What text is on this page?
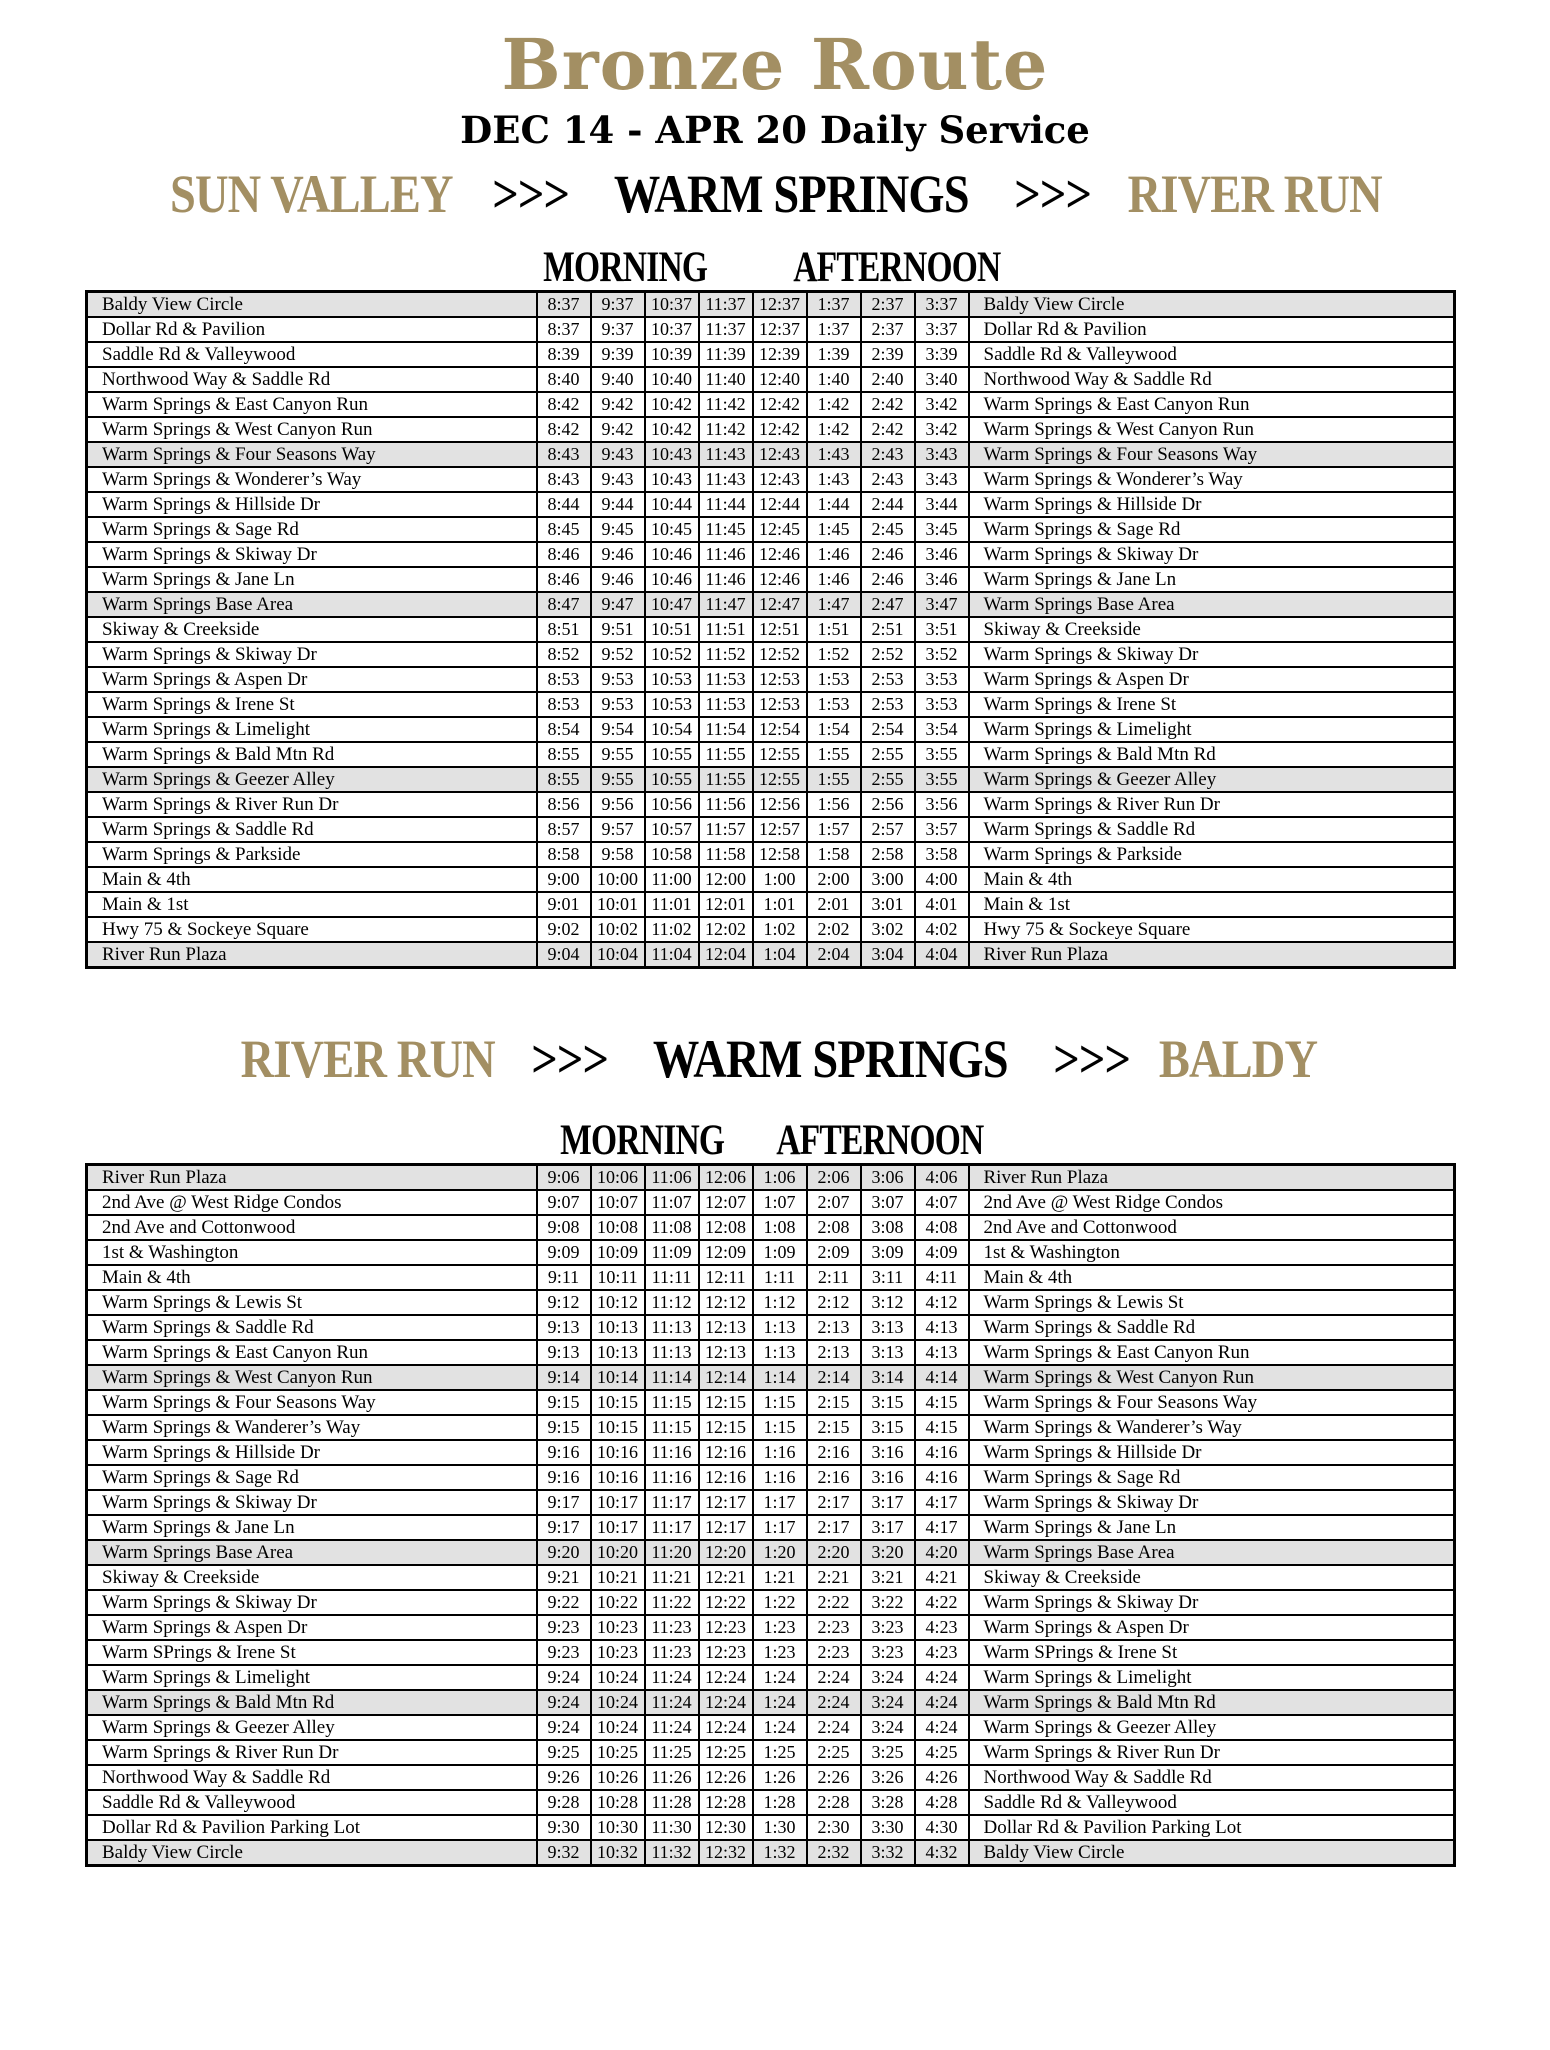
Bronze Route
DEC 14 - APR 20 Daily Service
SUN VALLEY >>> WARM SPRINGS >>> RIVER RUN
MORNING AFTERNOON
Baldy View Circle	8:37	9:37	10:37	11:37	12:37	1:37	2:37	3:37	Baldy View Circle
Dollar Rd & Pavilion	8:37	9:37	10:37	11:37	12:37	1:37	2:37	3:37	Dollar Rd & Pavilion
Saddle Rd & Valleywood	8:39	9:39	10:39	11:39	12:39	1:39	2:39	3:39	Saddle Rd & Valleywood
Northwood Way & Saddle Rd	8:40	9:40	10:40	11:40	12:40	1:40	2:40	3:40	Northwood Way & Saddle Rd
Warm Springs & East Canyon Run	8:42	9:42	10:42	11:42	12:42	1:42	2:42	3:42	Warm Springs & East Canyon Run
Warm Springs & West Canyon Run	8:42	9:42	10:42	11:42	12:42	1:42	2:42	3:42	Warm Springs & West Canyon Run
Warm Springs & Four Seasons Way	8:43	9:43	10:43	11:43	12:43	1:43	2:43	3:43	Warm Springs & Four Seasons Way
Warm Springs & Wonderer’s Way	8:43	9:43	10:43	11:43	12:43	1:43	2:43	3:43	Warm Springs & Wonderer’s Way
Warm Springs & Hillside Dr	8:44	9:44	10:44	11:44	12:44	1:44	2:44	3:44	Warm Springs & Hillside Dr
Warm Springs & Sage Rd	8:45	9:45	10:45	11:45	12:45	1:45	2:45	3:45	Warm Springs & Sage Rd
Warm Springs & Skiway Dr	8:46	9:46	10:46	11:46	12:46	1:46	2:46	3:46	Warm Springs & Skiway Dr
Warm Springs & Jane Ln	8:46	9:46	10:46	11:46	12:46	1:46	2:46	3:46	Warm Springs & Jane Ln
Warm Springs Base Area	8:47	9:47	10:47	11:47	12:47	1:47	2:47	3:47	Warm Springs Base Area
Skiway & Creekside	8:51	9:51	10:51	11:51	12:51	1:51	2:51	3:51	Skiway & Creekside
Warm Springs & Skiway Dr	8:52	9:52	10:52	11:52	12:52	1:52	2:52	3:52	Warm Springs & Skiway Dr
Warm Springs & Aspen Dr	8:53	9:53	10:53	11:53	12:53	1:53	2:53	3:53	Warm Springs & Aspen Dr
Warm Springs & Irene St	8:53	9:53	10:53	11:53	12:53	1:53	2:53	3:53	Warm Springs & Irene St
Warm Springs & Limelight	8:54	9:54	10:54	11:54	12:54	1:54	2:54	3:54	Warm Springs & Limelight
Warm Springs & Bald Mtn Rd	8:55	9:55	10:55	11:55	12:55	1:55	2:55	3:55	Warm Springs & Bald Mtn Rd
Warm Springs & Geezer Alley	8:55	9:55	10:55	11:55	12:55	1:55	2:55	3:55	Warm Springs & Geezer Alley
Warm Springs & River Run Dr	8:56	9:56	10:56	11:56	12:56	1:56	2:56	3:56	Warm Springs & River Run Dr
Warm Springs & Saddle Rd	8:57	9:57	10:57	11:57	12:57	1:57	2:57	3:57	Warm Springs & Saddle Rd
Warm Springs & Parkside	8:58	9:58	10:58	11:58	12:58	1:58	2:58	3:58	Warm Springs & Parkside
Main & 4th	9:00	10:00	11:00	12:00	1:00	2:00	3:00	4:00	Main & 4th
Main & 1st	9:01	10:01	11:01	12:01	1:01	2:01	3:01	4:01	Main & 1st
Hwy 75 & Sockeye Square	9:02	10:02	11:02	12:02	1:02	2:02	3:02	4:02	Hwy 75 & Sockeye Square
River Run Plaza	9:04	10:04	11:04	12:04	1:04	2:04	3:04	4:04	River Run Plaza
RIVER RUN >>> WARM SPRINGS >>> BALDY
MORNING AFTERNOON
River Run Plaza	9:06	10:06	11:06	12:06	1:06	2:06	3:06	4:06	River Run Plaza
2nd Ave @ West Ridge Condos	9:07	10:07	11:07	12:07	1:07	2:07	3:07	4:07	2nd Ave @ West Ridge Condos
2nd Ave and Cottonwood	9:08	10:08	11:08	12:08	1:08	2:08	3:08	4:08	2nd Ave and Cottonwood
1st & Washington	9:09	10:09	11:09	12:09	1:09	2:09	3:09	4:09	1st & Washington
Main & 4th	9:11	10:11	11:11	12:11	1:11	2:11	3:11	4:11	Main & 4th
Warm Springs & Lewis St	9:12	10:12	11:12	12:12	1:12	2:12	3:12	4:12	Warm Springs & Lewis St
Warm Springs & Saddle Rd	9:13	10:13	11:13	12:13	1:13	2:13	3:13	4:13	Warm Springs & Saddle Rd
Warm Springs & East Canyon Run	9:13	10:13	11:13	12:13	1:13	2:13	3:13	4:13	Warm Springs & East Canyon Run
Warm Springs & West Canyon Run	9:14	10:14	11:14	12:14	1:14	2:14	3:14	4:14	Warm Springs & West Canyon Run
Warm Springs & Four Seasons Way	9:15	10:15	11:15	12:15	1:15	2:15	3:15	4:15	Warm Springs & Four Seasons Way
Warm Springs & Wanderer’s Way	9:15	10:15	11:15	12:15	1:15	2:15	3:15	4:15	Warm Springs & Wanderer’s Way
Warm Springs & Hillside Dr	9:16	10:16	11:16	12:16	1:16	2:16	3:16	4:16	Warm Springs & Hillside Dr
Warm Springs & Sage Rd	9:16	10:16	11:16	12:16	1:16	2:16	3:16	4:16	Warm Springs & Sage Rd
Warm Springs & Skiway Dr	9:17	10:17	11:17	12:17	1:17	2:17	3:17	4:17	Warm Springs & Skiway Dr
Warm Springs & Jane Ln	9:17	10:17	11:17	12:17	1:17	2:17	3:17	4:17	Warm Springs & Jane Ln
Warm Springs Base Area	9:20	10:20	11:20	12:20	1:20	2:20	3:20	4:20	Warm Springs Base Area
Skiway & Creekside	9:21	10:21	11:21	12:21	1:21	2:21	3:21	4:21	Skiway & Creekside
Warm Springs & Skiway Dr	9:22	10:22	11:22	12:22	1:22	2:22	3:22	4:22	Warm Springs & Skiway Dr
Warm Springs & Aspen Dr	9:23	10:23	11:23	12:23	1:23	2:23	3:23	4:23	Warm Springs & Aspen Dr
Warm SPrings & Irene St	9:23	10:23	11:23	12:23	1:23	2:23	3:23	4:23	Warm SPrings & Irene St
Warm Springs & Limelight	9:24	10:24	11:24	12:24	1:24	2:24	3:24	4:24	Warm Springs & Limelight
Warm Springs & Bald Mtn Rd	9:24	10:24	11:24	12:24	1:24	2:24	3:24	4:24	Warm Springs & Bald Mtn Rd
Warm Springs & Geezer Alley	9:24	10:24	11:24	12:24	1:24	2:24	3:24	4:24	Warm Springs & Geezer Alley
Warm Springs & River Run Dr	9:25	10:25	11:25	12:25	1:25	2:25	3:25	4:25	Warm Springs & River Run Dr
Northwood Way & Saddle Rd	9:26	10:26	11:26	12:26	1:26	2:26	3:26	4:26	Northwood Way & Saddle Rd
Saddle Rd & Valleywood	9:28	10:28	11:28	12:28	1:28	2:28	3:28	4:28	Saddle Rd & Valleywood
Dollar Rd & Pavilion Parking Lot	9:30	10:30	11:30	12:30	1:30	2:30	3:30	4:30	Dollar Rd & Pavilion Parking Lot
Baldy View Circle	9:32	10:32	11:32	12:32	1:32	2:32	3:32	4:32	Baldy View Circle
